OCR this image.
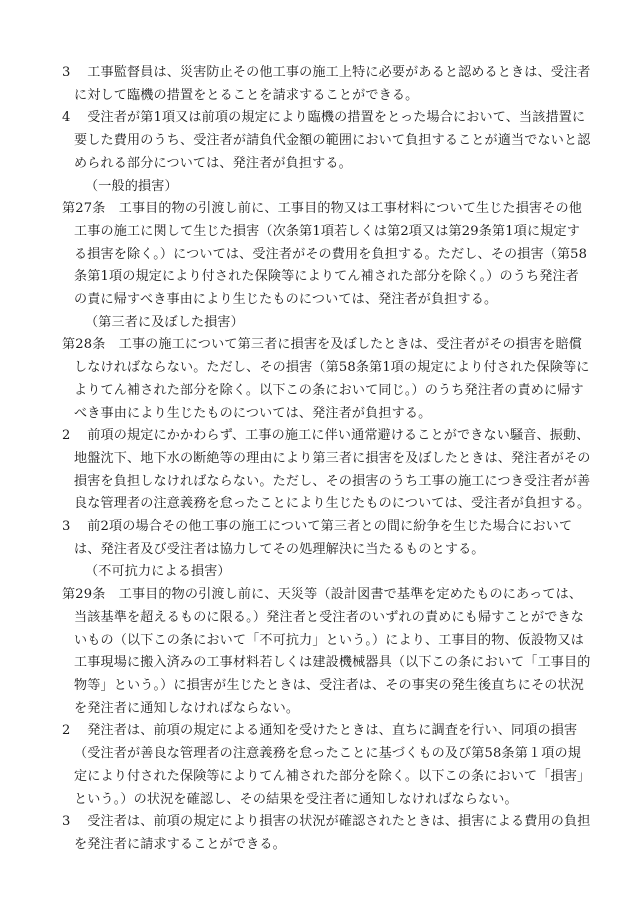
3 　工事監督員は、災害防止その他工事の施工上特に必要があると認めるときは、受注者に対して臨機の措置をとることを請求することができる。

4 　受注者が第1項又は前項の規定により臨機の措置をとった場合において、当該措置に要した費用のうち、受注者が請負代金額の範囲において負担することが適当でないと認められる部分については、発注者が負担する。

（一般的損害）

第27条　工事目的物の引渡し前に、工事目的物又は工事材料について生じた損害その他工事の施工に関して生じた損害（次条第1項若しくは第2項又は第29条第1項に規定する損害を除く。）については、受注者がその費用を負担する。ただし、その損害（第58条第1項の規定により付された保険等によりてん補された部分を除く。）のうち発注者の責に帰すべき事由により生じたものについては、発注者が負担する。

（第三者に及ぼした損害）

第28条　工事の施工について第三者に損害を及ぼしたときは、受注者がその損害を賠償しなければならない。ただし、その損害（第58条第1項の規定により付された保険等によりてん補された部分を除く。以下この条において同じ。）のうち発注者の責めに帰すべき事由により生じたものについては、発注者が負担する。

2 　前項の規定にかかわらず、工事の施工に伴い通常避けることができない騒音、振動、地盤沈下、地下水の断絶等の理由により第三者に損害を及ぼしたときは、発注者がその損害を負担しなければならない。ただし、その損害のうち工事の施工につき受注者が善良な管理者の注意義務を怠ったことにより生じたものについては、受注者が負担する。

3 　前2項の場合その他工事の施工について第三者との間に紛争を生じた場合においては、発注者及び受注者は協力してその処理解決に当たるものとする。

（不可抗力による損害）

第29条　工事目的物の引渡し前に、天災等（設計図書で基準を定めたものにあっては、当該基準を超えるものに限る。）発注者と受注者のいずれの責めにも帰すことができないもの（以下この条において「不可抗力」という。）により、工事目的物、仮設物又は工事現場に搬入済みの工事材料若しくは建設機械器具（以下この条において「工事目的物等」という。）に損害が生じたときは、受注者は、その事実の発生後直ちにその状況を発注者に通知しなければならない。

2 　発注者は、前項の規定による通知を受けたときは、直ちに調査を行い、同項の損害（受注者が善良な管理者の注意義務を怠ったことに基づくもの及び第58条第１項の規定により付された保険等によりてん補された部分を除く。以下この条において「損害」という。）の状況を確認し、その結果を受注者に通知しなければならない。

3 　受注者は、前項の規定により損害の状況が確認されたときは、損害による費用の負担を発注者に請求することができる。
